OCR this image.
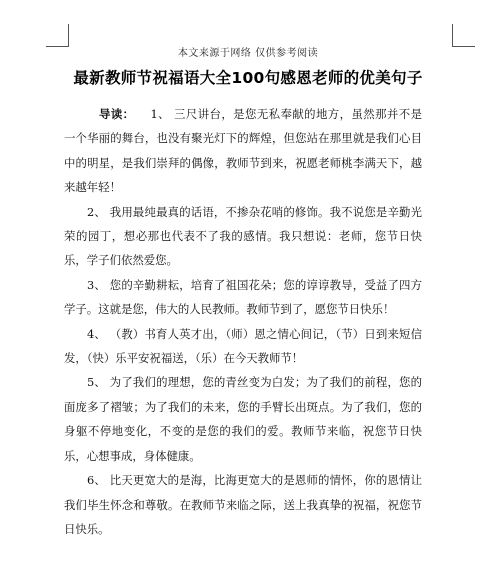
本文来源于网络 仅供参考阅读
最新教师节祝福语大全100句感恩老师的优美句子

导读： 1、 三尺讲台，是您无私奉献的地方，虽然那并不是一个华丽的舞台，也没有聚光灯下的辉煌，但您站在那里就是我们心目中的明星，是我们崇拜的偶像，教师节到来，祝愿老师桃李满天下，越来越年轻！

2、 我用最纯最真的话语，不掺杂花哨的修饰。我不说您是辛勤光荣的园丁，想必那也代表不了我的感情。我只想说：老师，您节日快乐，学子们依然爱您。

3、 您的辛勤耕耘，培育了祖国花朵；您的谆谆教导，受益了四方学子。这就是您，伟大的人民教师。教师节到了，愿您节日快乐！

4、 （教）书育人英才出，（师）恩之情心间记，（节）日到来短信发，（快）乐平安祝福送，（乐）在今天教师节！

5、 为了我们的理想，您的青丝变为白发；为了我们的前程，您的面庞多了褶皱；为了我们的未来，您的手臂长出斑点。为了我们，您的身躯不停地变化，不变的是您的我们的爱。教师节来临，祝您节日快乐，心想事成，身体健康。

6、 比天更宽大的是海，比海更宽大的是恩师的情怀，你的恩情让我们毕生怀念和尊敬。在教师节来临之际，送上我真挚的祝福，祝您节日快乐。
